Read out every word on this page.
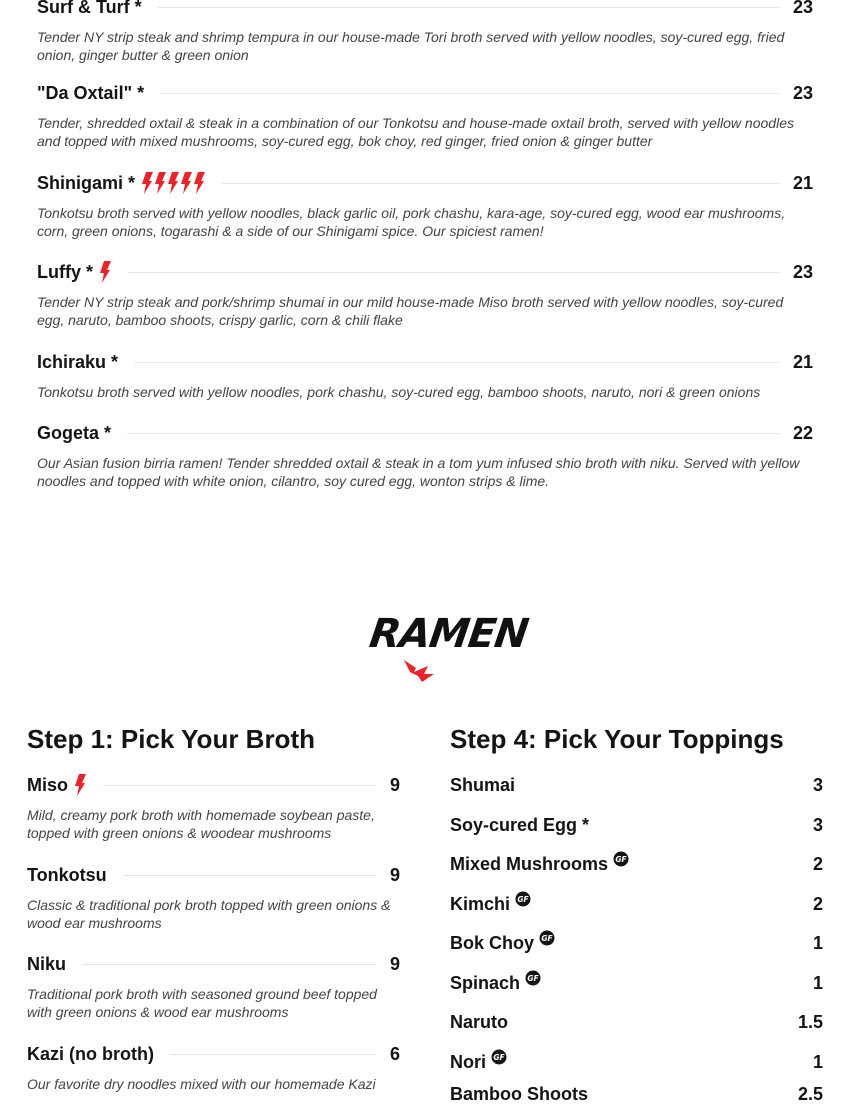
Surf & Turf *	23
Tender NY strip steak and shrimp tempura in our house-made Tori broth served with yellow noodles, soy-cured egg, fried onion, ginger butter & green onion
"Da Oxtail" *	23
Tender, shredded oxtail & steak in a combination of our Tonkotsu and house-made oxtail broth, served with yellow noodles and topped with mixed mushrooms, soy-cured egg, bok choy, red ginger, fried onion & ginger butter
Shinigami *	21
Tonkotsu broth served with yellow noodles, black garlic oil, pork chashu, kara-age, soy-cured egg, wood ear mushrooms, corn, green onions, togarashi & a side of our Shinigami spice. Our spiciest ramen!
Luffy *	23
Tender NY strip steak and pork/shrimp shumai in our mild house-made Miso broth served with yellow noodles, soy-cured egg, naruto, bamboo shoots, crispy garlic, corn & chili flake
Ichiraku *	21
Tonkotsu broth served with yellow noodles, pork chashu, soy-cured egg, bamboo shoots, naruto, nori & green onions
Gogeta *	22
Our Asian fusion birria ramen! Tender shredded oxtail & steak in a tom yum infused shio broth with niku. Served with yellow noodles and topped with white onion, cilantro, soy cured egg, wonton strips & lime.
RAMEN
Step 1: Pick Your Broth
Miso	9
Mild, creamy pork broth with homemade soybean paste, topped with green onions & woodear mushrooms
Tonkotsu	9
Classic & traditional pork broth topped with green onions & wood ear mushrooms
Niku	9
Traditional pork broth with seasoned ground beef topped with green onions & wood ear mushrooms
Kazi (no broth)	6
Our favorite dry noodles mixed with our homemade Kazi
Step 4: Pick Your Toppings
Shumai	3
Soy-cured Egg *	3
Mixed Mushrooms	2
Kimchi	2
Bok Choy	1
Spinach	1
Naruto	1.5
Nori	1
Bamboo Shoots	2.5
